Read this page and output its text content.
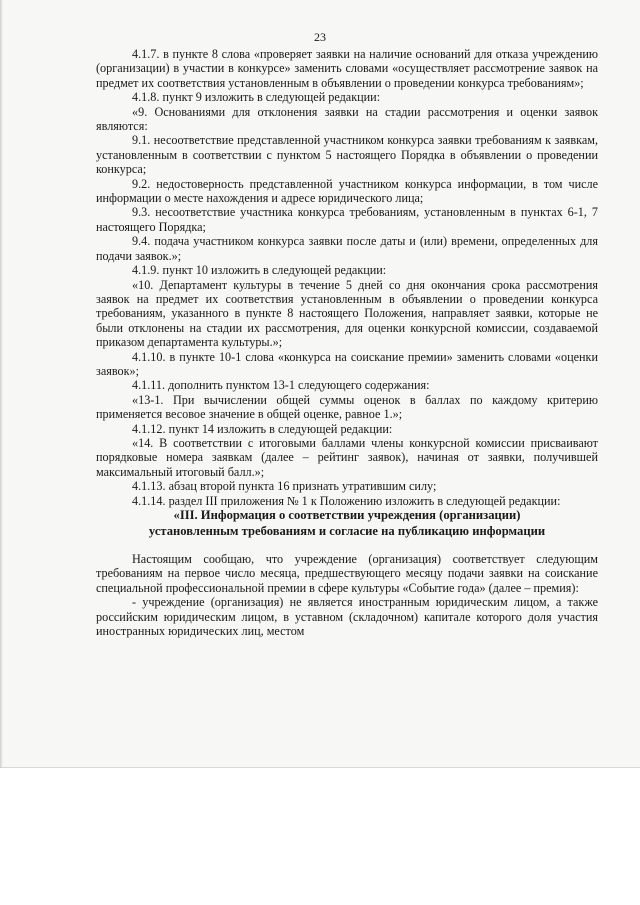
23

4.1.7. в пункте 8 слова «проверяет заявки на наличие оснований для отказа учреждению (организации) в участии в конкурсе» заменить словами «осуществляет рассмотрение заявок на предмет их соответствия установленным в объявлении о проведении конкурса требованиям»;

4.1.8. пункт 9 изложить в следующей редакции:

«9. Основаниями для отклонения заявки на стадии рассмотрения и оценки заявок являются:

9.1. несоответствие представленной участником конкурса заявки требованиям к заявкам, установленным в соответствии с пунктом 5 настоящего Порядка в объявлении о проведении конкурса;

9.2. недостоверность представленной участником конкурса информации, в том числе информации о месте нахождения и адресе юридического лица;

9.3. несоответствие участника конкурса требованиям, установленным в пунктах 6-1, 7 настоящего Порядка;

9.4. подача участником конкурса заявки после даты и (или) времени, определенных для подачи заявок.»;

4.1.9. пункт 10 изложить в следующей редакции:

«10. Департамент культуры в течение 5 дней со дня окончания срока рассмотрения заявок на предмет их соответствия установленным в объявлении о проведении конкурса требованиям, указанного в пункте 8 настоящего Положения, направляет заявки, которые не были отклонены на стадии их рассмотрения, для оценки конкурсной комиссии, создаваемой приказом департамента культуры.»;

4.1.10. в пункте 10-1 слова «конкурса на соискание премии» заменить словами «оценки заявок»;

4.1.11. дополнить пунктом 13-1 следующего содержания:

«13-1. При вычислении общей суммы оценок в баллах по каждому критерию применяется весовое значение в общей оценке, равное 1.»;

4.1.12. пункт 14 изложить в следующей редакции:

«14. В соответствии с итоговыми баллами члены конкурсной комиссии присваивают порядковые номера заявкам (далее – рейтинг заявок), начиная от заявки, получившей максимальный итоговый балл.»;

4.1.13. абзац второй пункта 16 признать утратившим силу;

4.1.14. раздел III приложения № 1 к Положению изложить в следующей редакции:

«III. Информация о соответствии учреждения (организации)

установленным требованиям и согласие на публикацию информации

Настоящим сообщаю, что учреждение (организация) соответствует следующим требованиям на первое число месяца, предшествующего месяцу подачи заявки на соискание специальной профессиональной премии в сфере культуры «Событие года» (далее – премия):

- учреждение (организация) не является иностранным юридическим лицом, а также российским юридическим лицом, в уставном (складочном) капитале которого доля участия иностранных юридических лиц, местом
